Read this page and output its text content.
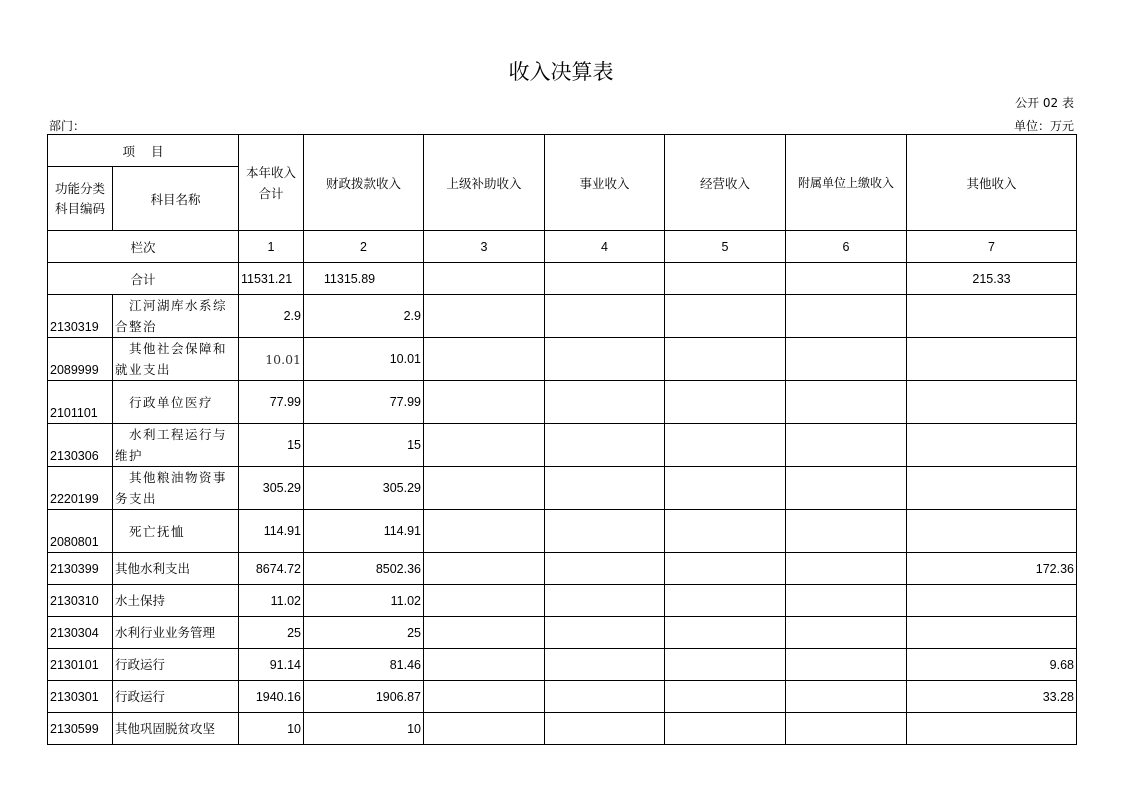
收入决算表
公开 02 表
部门：	单位：万元
项    目		本年收入合计	财政拨款收入	上级补助收入	事业收入	经营收入	附属单位上缴收入	其他收入
功能分类科目编码	科目名称							
栏次		1	2	3	4	5	6	7
合计		11531.21	11315.89					215.33
2130319	江河湖库水系综合整治	2.9	2.9					
2089999	其他社会保障和就业支出	10.01	10.01					
2101101	行政单位医疗	77.99	77.99					
2130306	水利工程运行与维护	15	15					
2220199	其他粮油物资事务支出	305.29	305.29					
2080801	死亡抚恤	114.91	114.91					
2130399	其他水利支出	8674.72	8502.36					172.36
2130310	水土保持	11.02	11.02					
2130304	水利行业业务管理	25	25					
2130101	行政运行	91.14	81.46					9.68
2130301	行政运行	1940.16	1906.87					33.28
2130599	其他巩固脱贫攻坚	10	10					
